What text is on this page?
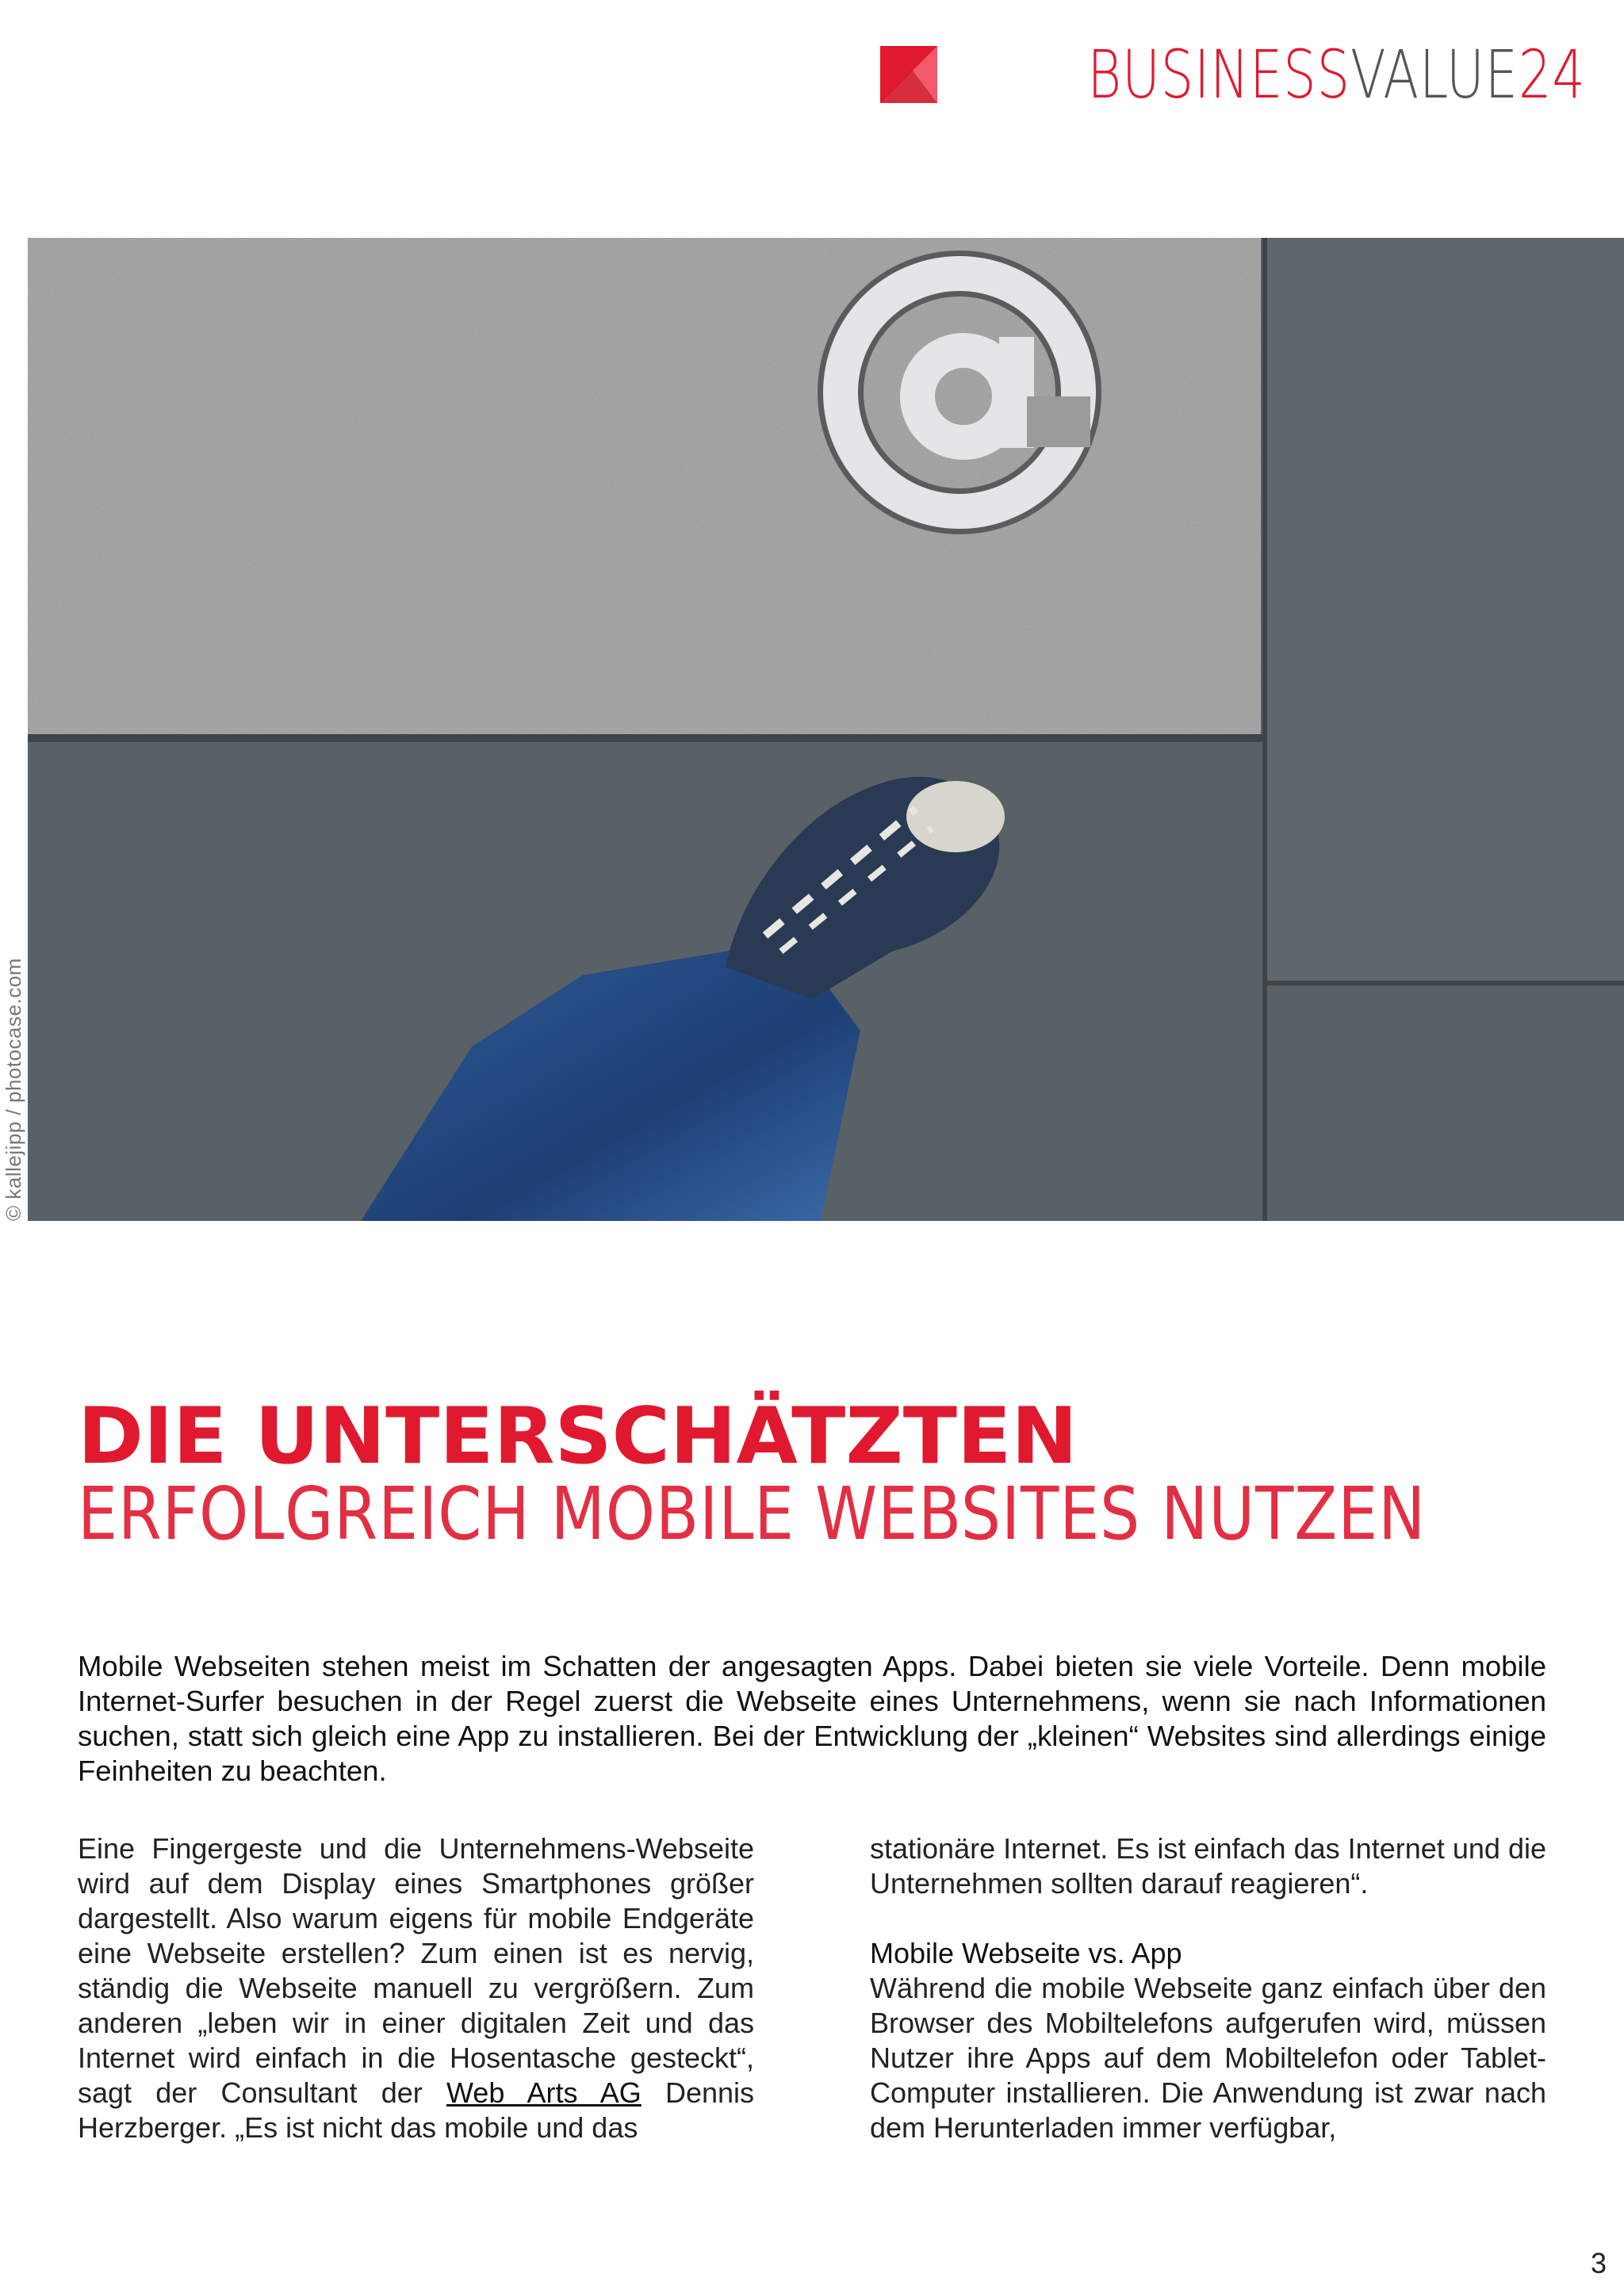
BUSINESSVALUE24
© kallejipp / photocase.com
DIE UNTERSCHÄTZTEN
ERFOLGREICH MOBILE WEBSITES NUTZEN
Mobile Webseiten stehen meist im Schatten der angesagten Apps. Dabei bieten sie viele Vorteile. Denn mobile Internet-Surfer besuchen in der Regel zuerst die Webseite eines Unternehmens, wenn sie nach Informationen suchen, statt sich gleich eine App zu installieren. Bei der Entwicklung der „kleinen“ Websites sind allerdings einige Feinheiten zu beachten.

Eine Fingergeste und die Unternehmens-Webseite wird auf dem Display eines Smartphones größer dargestellt. Also warum eigens für mobile Endgeräte eine Webseite erstellen? Zum einen ist es nervig, ständig die Webseite manuell zu vergrößern. Zum anderen „leben wir in einer digitalen Zeit und das Internet wird einfach in die Hosentasche gesteckt“, sagt der Consultant der Web Arts AG Dennis Herzberger. „Es ist nicht das mobile und das

stationäre Internet. Es ist einfach das Internet und die Unternehmen sollten darauf reagieren“.

Mobile Webseite vs. App

Während die mobile Webseite ganz einfach über den Browser des Mobiltelefons aufgerufen wird, müssen Nutzer ihre Apps auf dem Mobiltelefon oder Tablet-Computer installieren. Die Anwendung ist zwar nach dem Herunterladen immer verfügbar,

3
